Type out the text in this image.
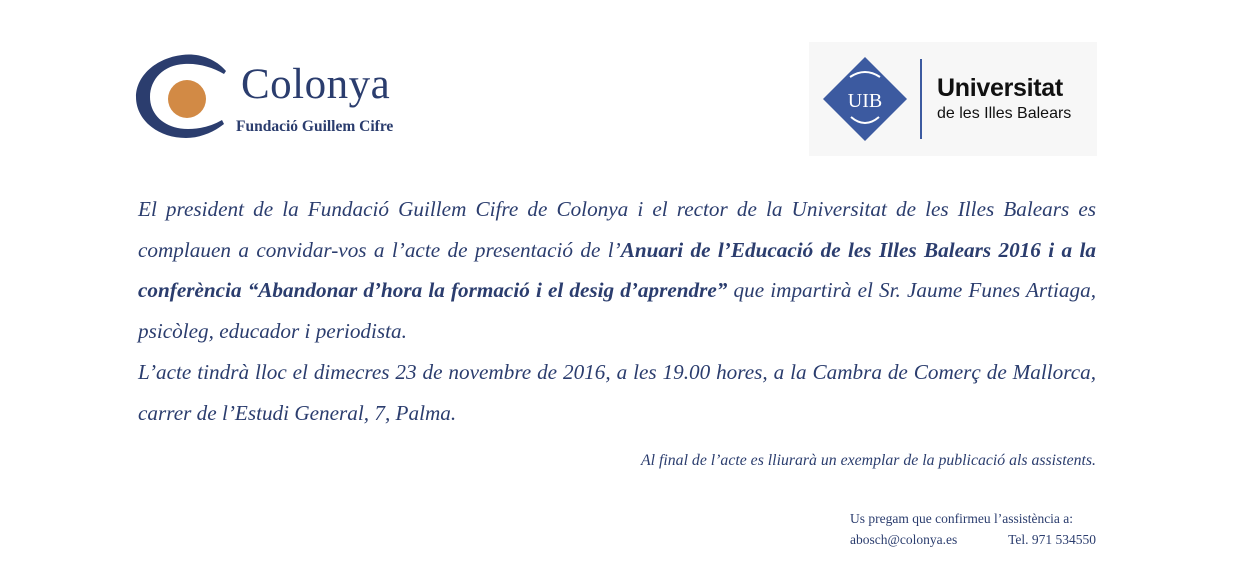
Colonya
Fundació Guillem Cifre
UIB Universitat
de les Illes Balears

El president de la Fundació Guillem Cifre de Colonya i el rector de la Universitat de les Illes Balears es complauen a convidar-vos a l’acte de presentació de l’Anuari de l’Educació de les Illes Balears 2016 i a la conferència “Abandonar d’hora la formació i el desig d’aprendre” que impartirà el Sr. Jaume Funes Artiaga, psicòleg, educador i periodista.

L’acte tindrà lloc el dimecres 23 de novembre de 2016, a les 19.00 hores, a la Cambra de Comerç de Mallorca, carrer de l’Estudi General, 7, Palma.

Al final de l’acte es lliurarà un exemplar de la publicació als assistents.
Us pregam que confirmeu l’assistència a:
abosch@colonya.es	Tel. 971 534550
